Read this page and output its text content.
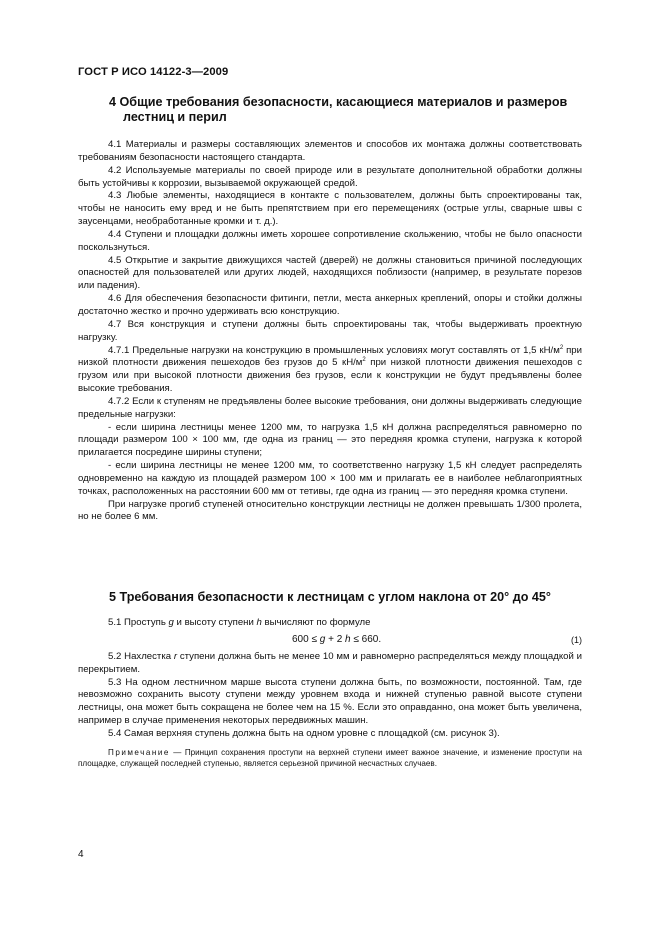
ГОСТ Р ИСО 14122-3—2009
4 Общие требования безопасности, касающиеся материалов и размеров
лестниц и перил

4.1 Материалы и размеры составляющих элементов и способов их монтажа должны соответствовать требованиям безопасности настоящего стандарта.

4.2 Используемые материалы по своей природе или в результате дополнительной обработки должны быть устойчивы к коррозии, вызываемой окружающей средой.

4.3 Любые элементы, находящиеся в контакте с пользователем, должны быть спроектированы так, чтобы не наносить ему вред и не быть препятствием при его перемещениях (острые углы, сварные швы с заусенцами, необработанные кромки и т. д.).

4.4 Ступени и площадки должны иметь хорошее сопротивление скольжению, чтобы не было опасности поскользнуться.

4.5 Открытие и закрытие движущихся частей (дверей) не должны становиться причиной последующих опасностей для пользователей или других людей, находящихся поблизости (например, в результате порезов или падения).

4.6 Для обеспечения безопасности фитинги, петли, места анкерных креплений, опоры и стойки должны достаточно жестко и прочно удерживать всю конструкцию.

4.7 Вся конструкция и ступени должны быть спроектированы так, чтобы выдерживать проектную нагрузку.

4.7.1 Предельные нагрузки на конструкцию в промышленных условиях могут составлять от 1,5 $кН/м^2$ при низкой плотности движения пешеходов без грузов до 5 $кН/м^2$ при низкой плотности движения пешеходов с грузом или при высокой плотности движения без грузов, если к конструкции не будут предъявлены более высокие требования.

4.7.2 Если к ступеням не предъявлены более высокие требования, они должны выдерживать следующие предельные нагрузки:

- если ширина лестницы менее 1200 мм, то нагрузка 1,5 кН должна распределяться равномерно по площади размером 100 × 100 мм, где одна из границ — это передняя кромка ступени, нагрузка к которой прилагается посредине ширины ступени;

- если ширина лестницы не менее 1200 мм, то соответственно нагрузку 1,5 кН следует распределять одновременно на каждую из площадей размером 100 × 100 мм и прилагать ее в наиболее неблагоприятных точках, расположенных на расстоянии 600 мм от тетивы, где одна из границ — это передняя кромка ступени.

При нагрузке прогиб ступеней относительно конструкции лестницы не должен превышать 1/300 пролета, но не более 6 мм.

5 Требования безопасности к лестницам с углом наклона от 20° до 45°

5.1 Проступь g и высоту ступени h вычисляют по формуле

600 ≤ g + 2 h ≤ 660.	(1)

5.2 Нахлестка r ступени должна быть не менее 10 мм и равномерно распределяться между площадкой и перекрытием.

5.3 На одном лестничном марше высота ступени должна быть, по возможности, постоянной. Там, где невозможно сохранить высоту ступени между уровнем входа и нижней ступенью равной высоте ступени лестницы, она может быть сокращена не более чем на 15 %. Если это оправданно, она может быть увеличена, например в случае применения некоторых передвижных машин.

5.4 Самая верхняя ступень должна быть на одном уровне с площадкой (см. рисунок 3).

Примечание — Принцип сохранения проступи на верхней ступени имеет важное значение, и изменение проступи на площадке, служащей последней ступенью, является серьезной причиной несчастных случаев.

4
